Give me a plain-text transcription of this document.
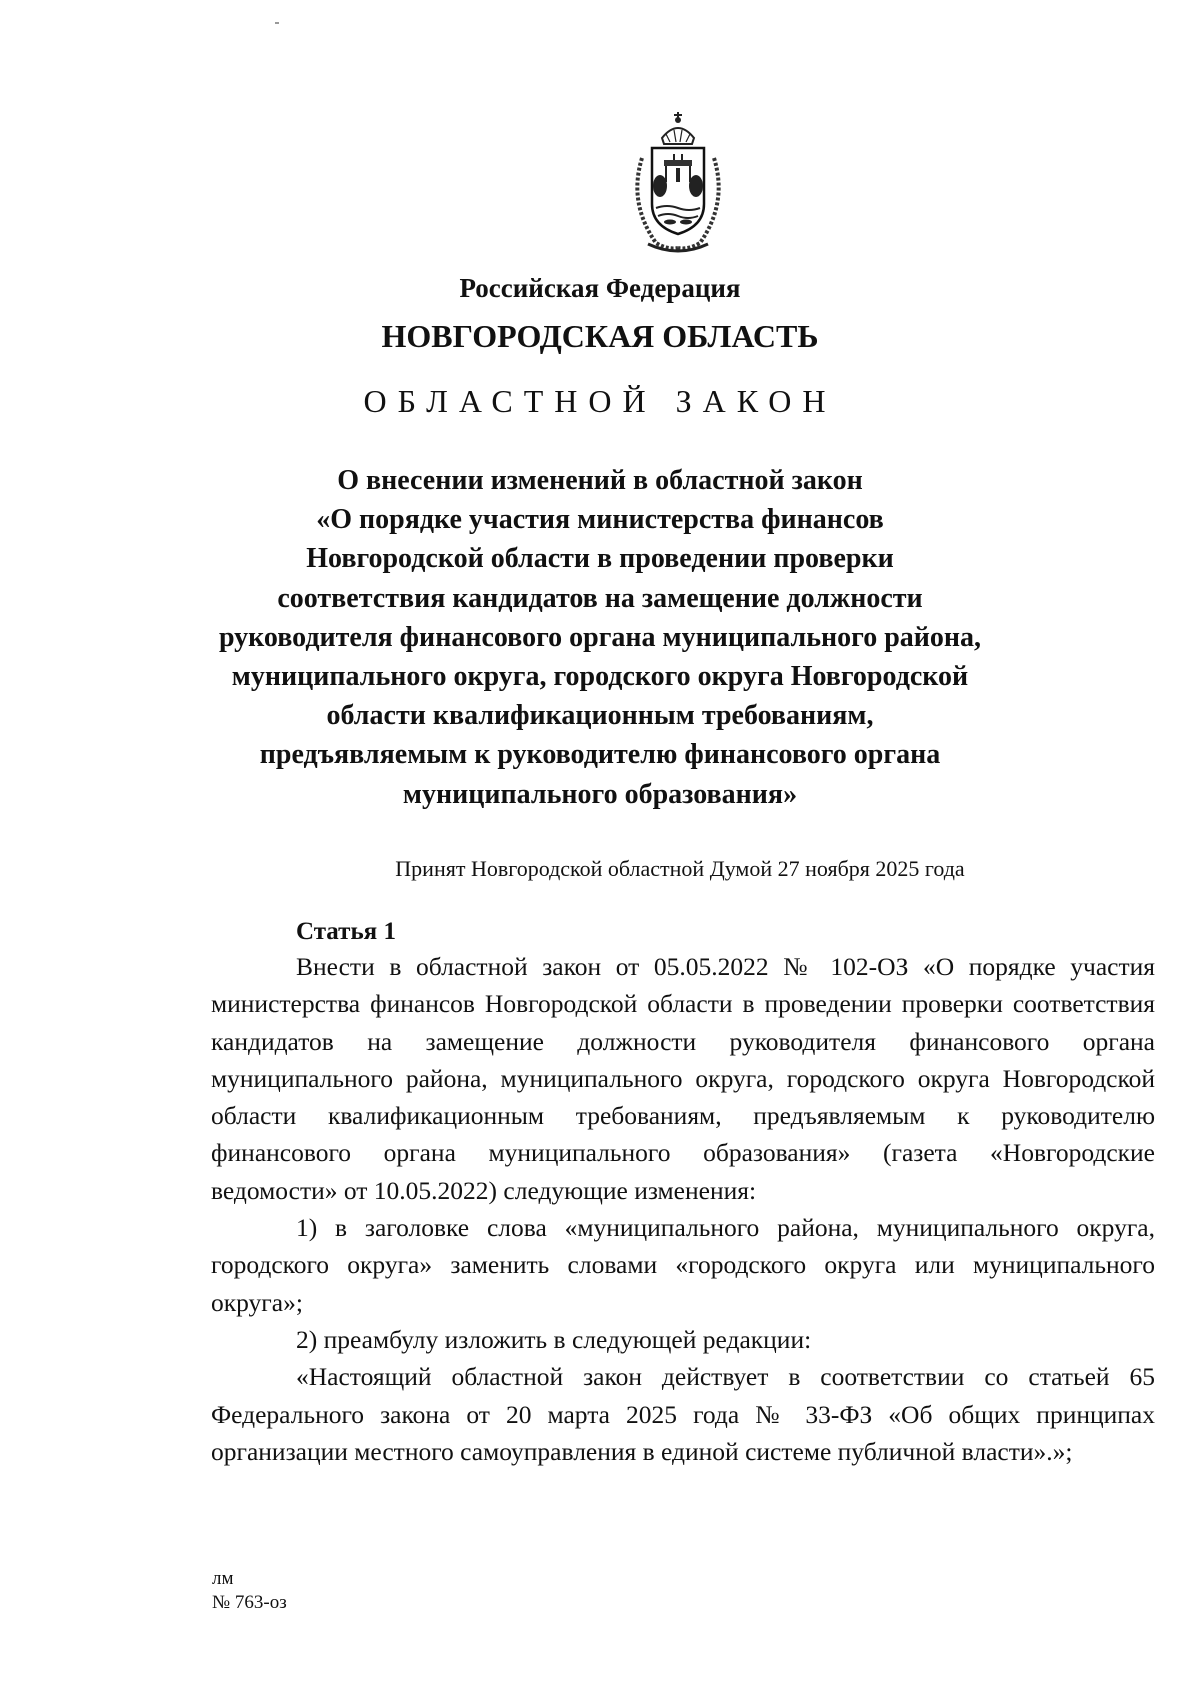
Российская Федерация
НОВГОРОДСКАЯ ОБЛАСТЬ
ОБЛАСТНОЙ ЗАКОН
О внесении изменений в областной закон
«О порядке участия министерства финансов
Новгородской области в проведении проверки
соответствия кандидатов на замещение должности
руководителя финансового органа муниципального района,
муниципального округа, городского округа Новгородской
области квалификационным требованиям,
предъявляемым к руководителю финансового органа
муниципального образования»
Принят Новгородской областной Думой 27 ноября 2025 года
Статья 1

Внести в областной закон от 05.05.2022 № 102-ОЗ «О порядке участия министерства финансов Новгородской области в проведении проверки соответствия кандидатов на замещение должности руководителя финансового органа муниципального района, муниципального округа, городского округа Новгородской области квалификационным требованиям, предъявляемым к руководителю финансового органа муниципального образования» (газета «Новгородские ведомости» от 10.05.2022) следующие изменения:

1) в заголовке слова «муниципального района, муниципального округа, городского округа» заменить словами «городского округа или муниципального округа»;

2) преамбулу изложить в следующей редакции:

«Настоящий областной закон действует в соответствии со статьей 65 Федерального закона от 20 марта 2025 года № 33-ФЗ «Об общих принципах организации местного самоуправления в единой системе публичной власти».»;

лм
№ 763-оз
